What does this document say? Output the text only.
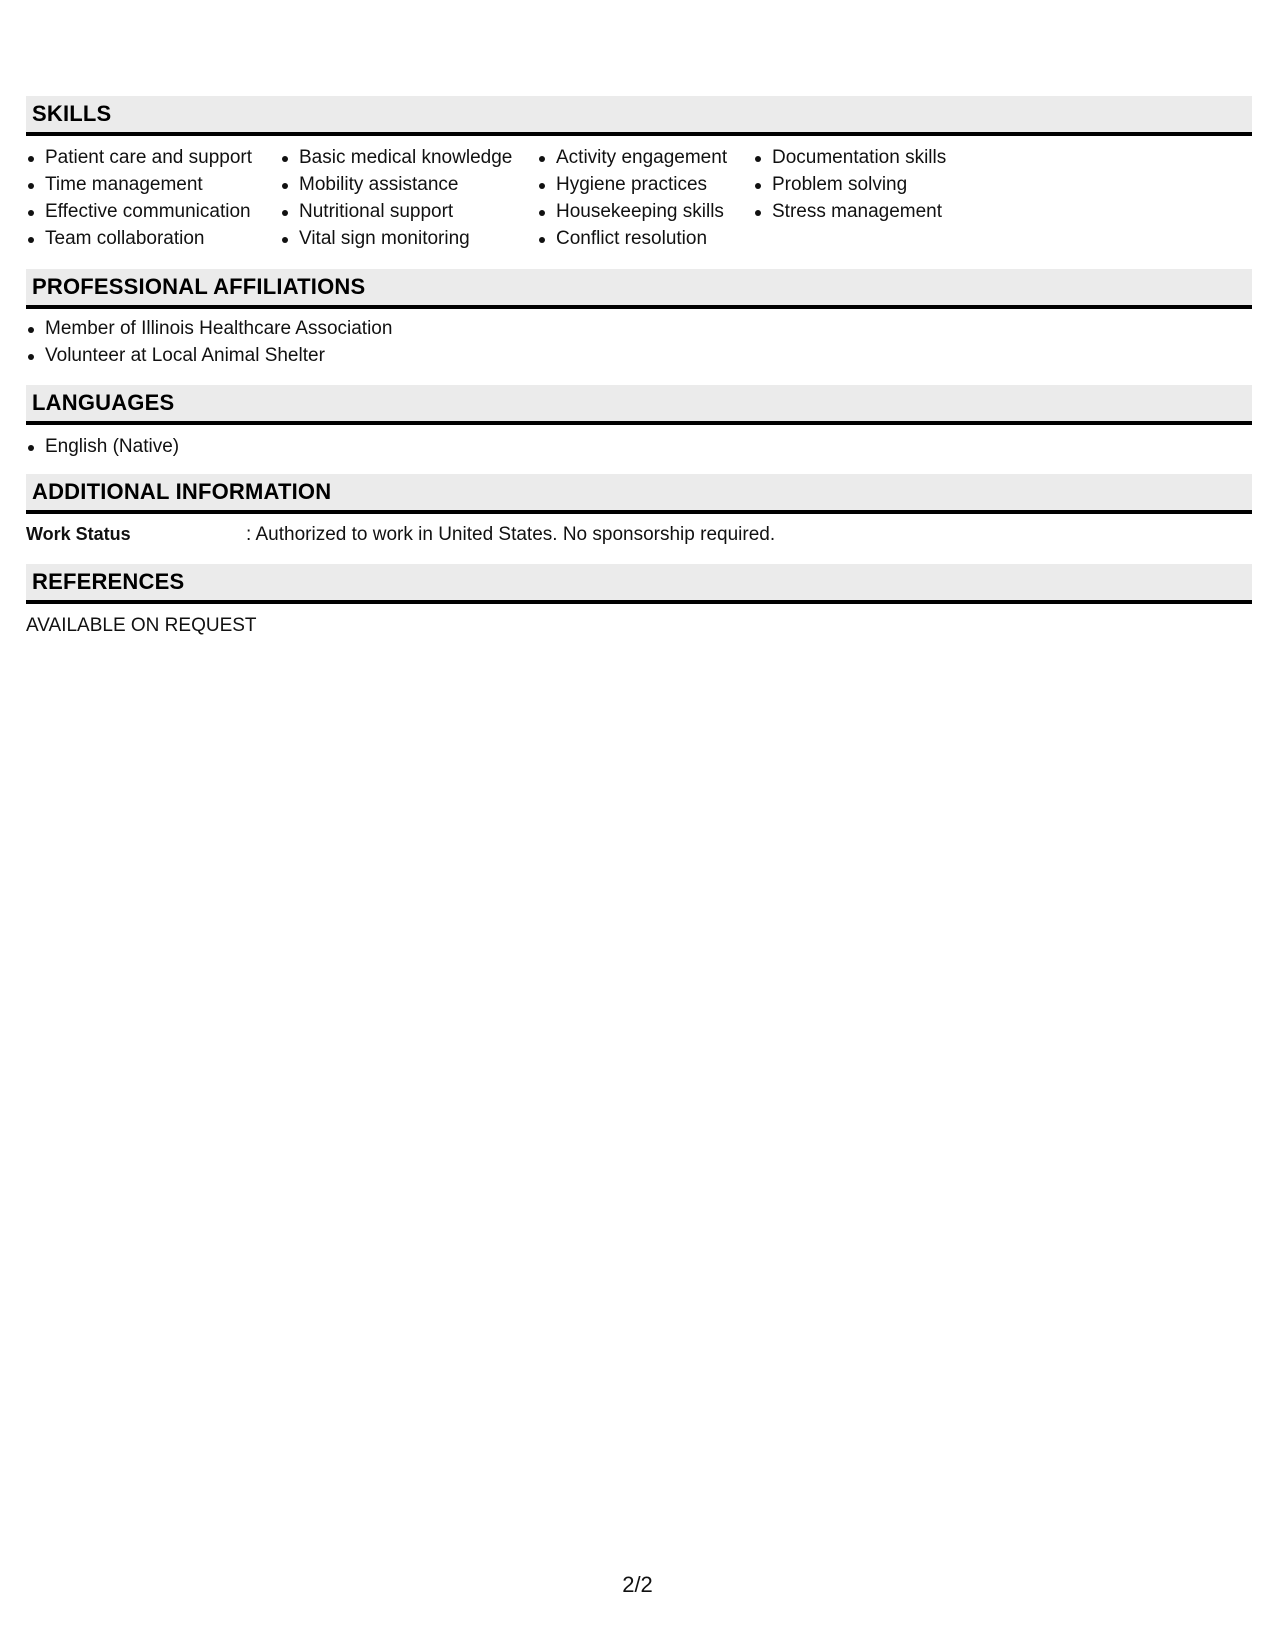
SKILLS
Patient care and support
Time management
Effective communication
Team collaboration
Basic medical knowledge
Mobility assistance
Nutritional support
Vital sign monitoring
Activity engagement
Hygiene practices
Housekeeping skills
Conflict resolution
Documentation skills
Problem solving
Stress management
PROFESSIONAL AFFILIATIONS
Member of Illinois Healthcare Association
Volunteer at Local Animal Shelter
LANGUAGES
English (Native)
ADDITIONAL INFORMATION
Work Status	: Authorized to work in United States. No sponsorship required.
REFERENCES
AVAILABLE ON REQUEST
2/2
